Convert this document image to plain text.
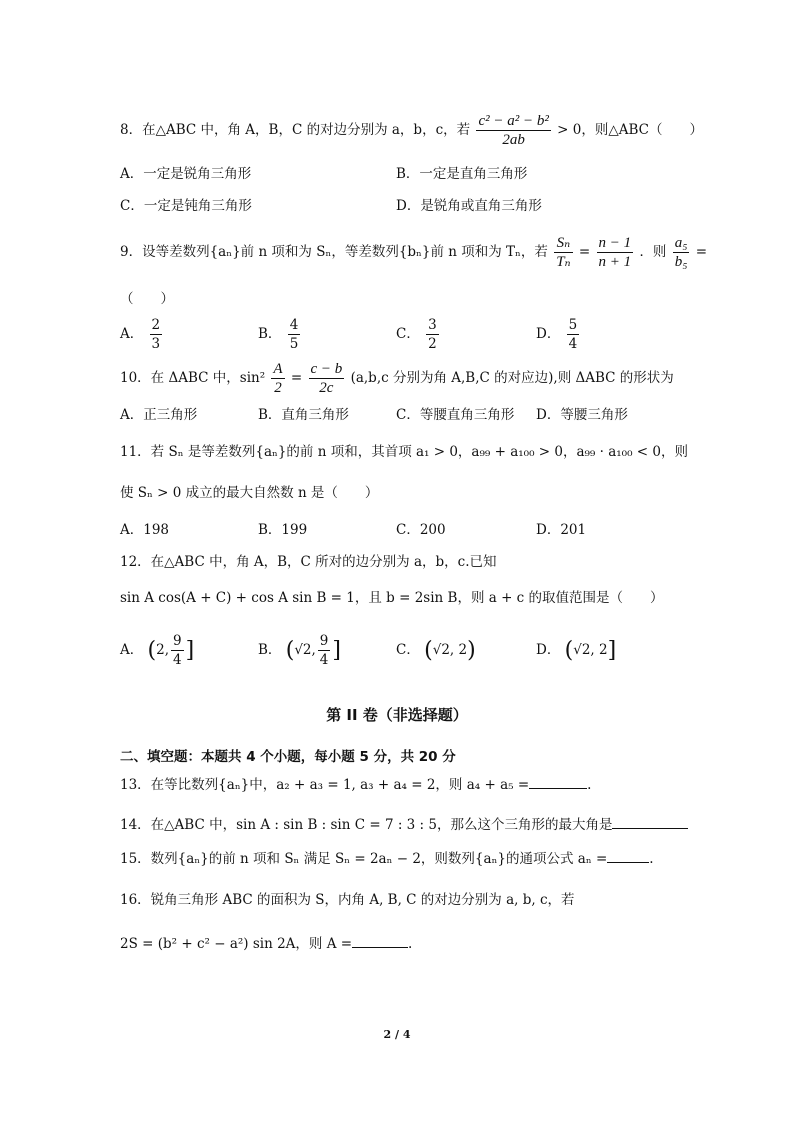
8．在△ABC 中，角 A，B，C 的对边分别为 a，b，c，若 $\frac{\text{c² − a² − b²}}{2ab} > 0$，则△ABC（　　）
A．一定是锐角三角形	B．一定是直角三角形
C．一定是钝角三角形	D．是锐角或直角三角形
9．设等差数列{aₙ}前 n 项和为 Sₙ，等差数列{bₙ}前 n 项和为 Tₙ，若 $\frac{\text{Sₙ}}{\text{Tₙ}} = \frac{n - 1}{n + 1}$ ．则 $\frac{\text{a₅}}{\text{b₅}}$ =
（　　）
A． $\frac{2}{3}$	B． $\frac{4}{5}$	C． $\frac{3}{2}$	D． $\frac{5}{4}$
10．在 ΔABC 中，$\sin^2 \frac{A}{2} = \frac{c - b}{2c} (a,b,c$ 分别为角 A,B,C 的对应边),则 ΔABC 的形状为
A．正三角形	B．直角三角形	C．等腰直角三角形 D．等腰三角形
11．若 Sₙ 是等差数列{aₙ}的前 n 项和，其首项 a₁ > 0，a₉₉ + a₁₀₀ > 0，a₉₉ · a₁₀₀ < 0，则
使 Sₙ > 0 成立的最大自然数 n 是（　　）
A．198	B．199	C．200	D．201
12．在△ABC 中，角 A，B，C 所对的边分别为 a，b，c.已知
sin A cos(A + C) + cos A sin B = 1，且 b = 2sin B，则 a + c 的取值范围是（　　）
A． (2, $\frac{9}{4}$ ]	B． (√2, $\frac{9}{4}$ ]	C． (√2, 2)	D． (√2, 2]
第 II 卷（非选择题）
二、填空题：本题共 4 个小题，每小题 5 分，共 20 分
13．在等比数列{aₙ}中，a₂ + a₃ = 1, a₃ + a₄ = 2，则 a₄ + a₅ =	.
14．在△ABC 中，sin A : sin B : sin C = 7 : 3 : 5，那么这个三角形的最大角是
15．数列{aₙ}的前 n 项和 Sₙ 满足 Sₙ = 2aₙ − 2，则数列{aₙ}的通项公式 aₙ =	.
16．锐角三角形 ABC 的面积为 S，内角 A, B, C 的对边分别为 a, b, c，若
2S = (b² + c² − a²) sin 2A，则 A =	.
2 / 4
